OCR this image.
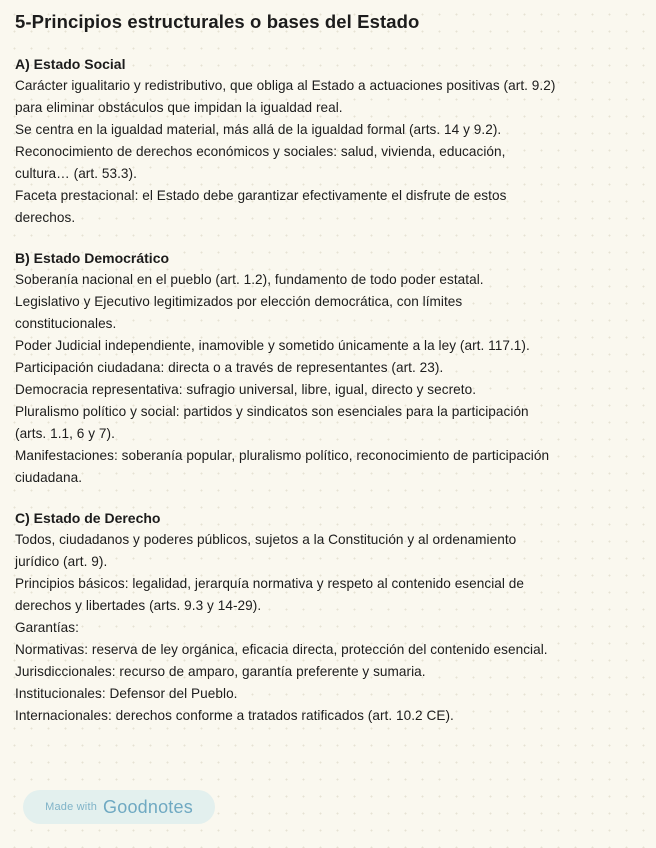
5-Principios estructurales o bases del Estado
A) Estado Social
Carácter igualitario y redistributivo, que obliga al Estado a actuaciones positivas (art. 9.2)
para eliminar obstáculos que impidan la igualdad real.
Se centra en la igualdad material, más allá de la igualdad formal (arts. 14 y 9.2).
Reconocimiento de derechos económicos y sociales: salud, vivienda, educación,
cultura… (art. 53.3).
Faceta prestacional: el Estado debe garantizar efectivamente el disfrute de estos
derechos.
B) Estado Democrático
Soberanía nacional en el pueblo (art. 1.2), fundamento de todo poder estatal.
Legislativo y Ejecutivo legitimizados por elección democrática, con límites
constitucionales.
Poder Judicial independiente, inamovible y sometido únicamente a la ley (art. 117.1).
Participación ciudadana: directa o a través de representantes (art. 23).
Democracia representativa: sufragio universal, libre, igual, directo y secreto.
Pluralismo político y social: partidos y sindicatos son esenciales para la participación
(arts. 1.1, 6 y 7).
Manifestaciones: soberanía popular, pluralismo político, reconocimiento de participación
ciudadana.
C) Estado de Derecho
Todos, ciudadanos y poderes públicos, sujetos a la Constitución y al ordenamiento
jurídico (art. 9).
Principios básicos: legalidad, jerarquía normativa y respeto al contenido esencial de
derechos y libertades (arts. 9.3 y 14-29).
Garantías:
Normativas: reserva de ley orgánica, eficacia directa, protección del contenido esencial.
Jurisdiccionales: recurso de amparo, garantía preferente y sumaria.
Institucionales: Defensor del Pueblo.
Internacionales: derechos conforme a tratados ratificados (art. 10.2 CE).
Made with Goodnotes
